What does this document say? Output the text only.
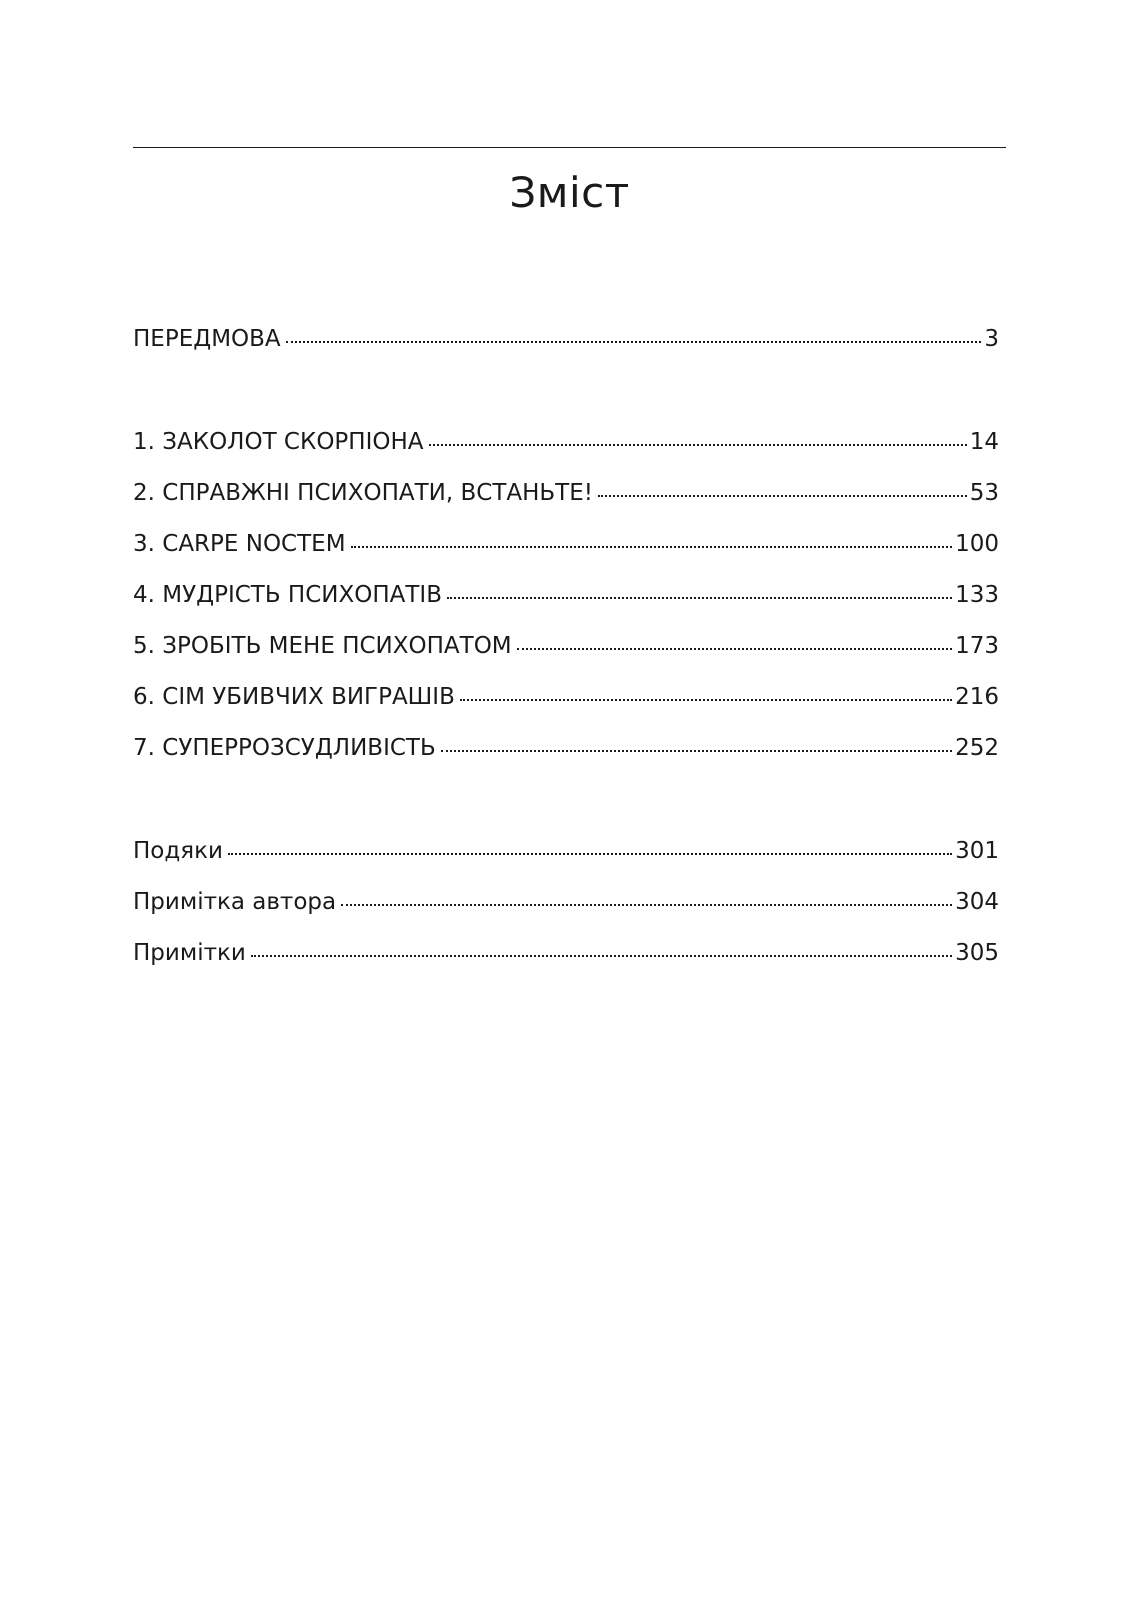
Зміст
ПЕРЕДМОВА	3
1. ЗАКОЛОТ СКОРПІОНА	14
2. СПРАВЖНІ ПСИХОПАТИ, ВСТАНЬТЕ!	53
3. CARPE NOCTEM	100
4. МУДРІСТЬ ПСИХОПАТІВ	133
5. ЗРОБІТЬ МЕНЕ ПСИХОПАТОМ	173
6. СІМ УБИВЧИХ ВИГРАШІВ	216
7. СУПЕРРОЗСУДЛИВІСТЬ	252
Подяки	301
Примітка автора	304
Примітки	305
